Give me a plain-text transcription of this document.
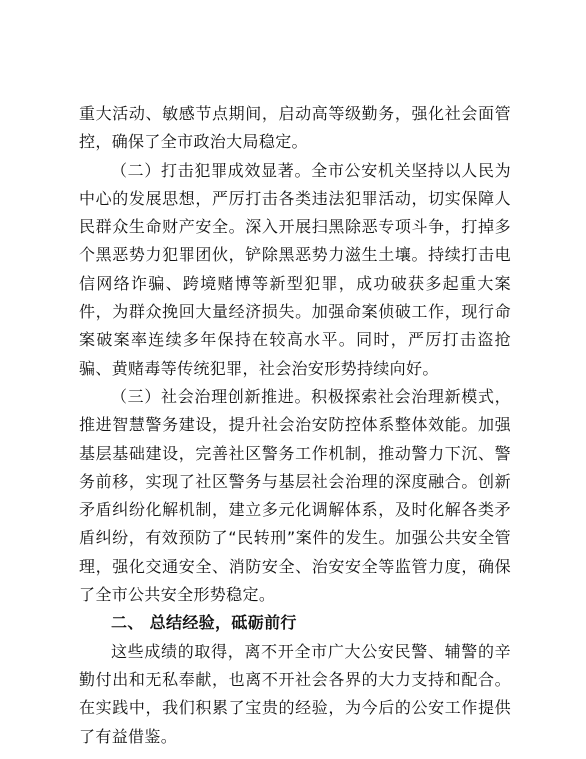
重大活动、敏感节点期间，启动高等级勤务，强化社会面管控，确保了全市政治大局稳定。

（二）打击犯罪成效显著。全市公安机关坚持以人民为中心的发展思想，严厉打击各类违法犯罪活动，切实保障人民群众生命财产安全。深入开展扫黑除恶专项斗争，打掉多个黑恶势力犯罪团伙，铲除黑恶势力滋生土壤。持续打击电信网络诈骗、跨境赌博等新型犯罪，成功破获多起重大案件，为群众挽回大量经济损失。加强命案侦破工作，现行命案破案率连续多年保持在较高水平。同时，严厉打击盗抢骗、黄赌毒等传统犯罪，社会治安形势持续向好。

（三）社会治理创新推进。积极探索社会治理新模式，推进智慧警务建设，提升社会治安防控体系整体效能。加强基层基础建设，完善社区警务工作机制，推动警力下沉、警务前移，实现了社区警务与基层社会治理的深度融合。创新矛盾纠纷化解机制，建立多元化调解体系，及时化解各类矛盾纠纷，有效预防了“民转刑”案件的发生。加强公共安全管理，强化交通安全、消防安全、治安安全等监管力度，确保了全市公共安全形势稳定。

二、 总结经验，砥砺前行

这些成绩的取得，离不开全市广大公安民警、辅警的辛勤付出和无私奉献，也离不开社会各界的大力支持和配合。在实践中，我们积累了宝贵的经验，为今后的公安工作提供了有益借鉴。
